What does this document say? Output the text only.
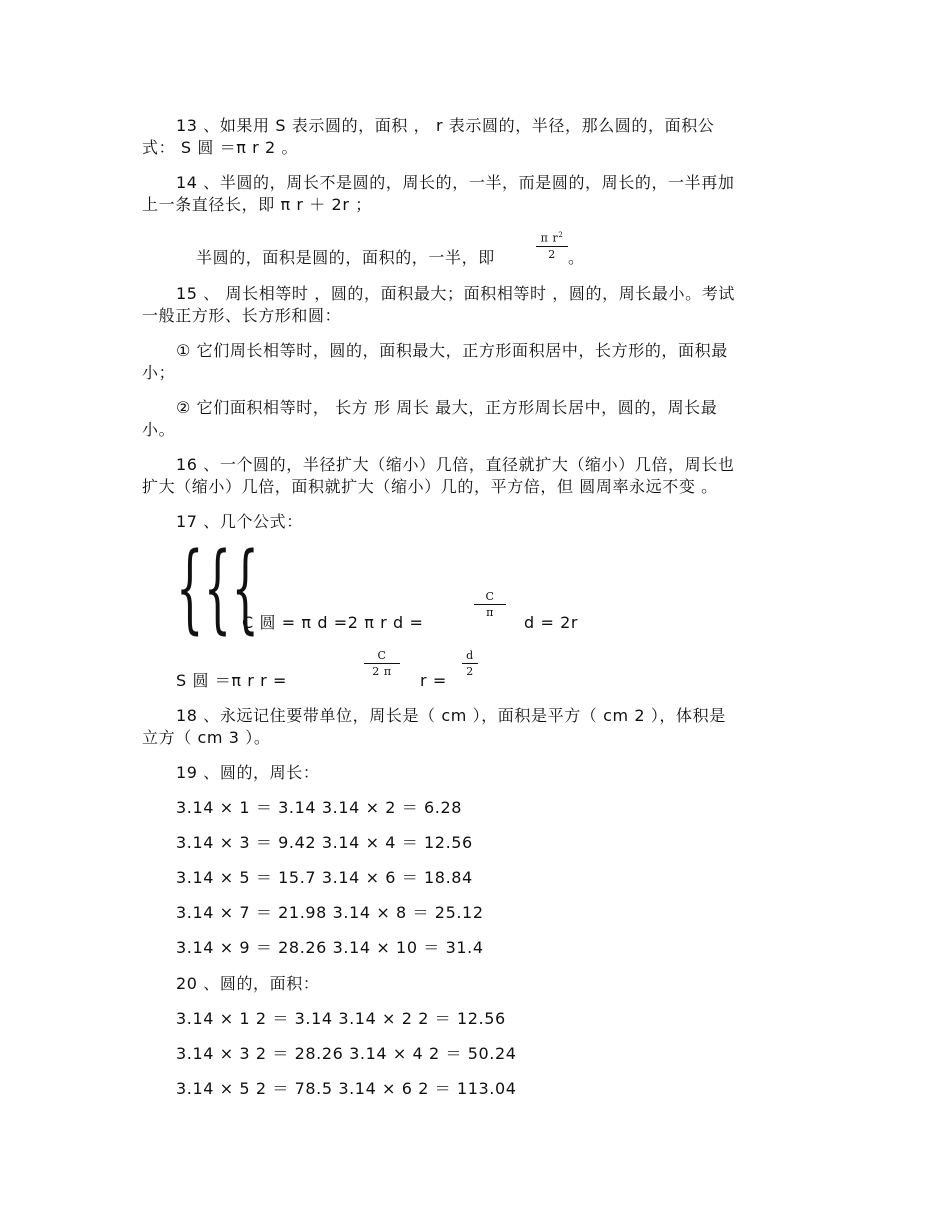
13 、如果用 S 表示圆的，面积 ， r 表示圆的，半径，那么圆的，面积公
式： S 圆 ＝π r 2 。
14 、半圆的，周长不是圆的，周长的，一半，而是圆的，周长的，一半再加
上一条直径长，即 π r ＋ 2r ；
半圆的，面积是圆的，面积的，一半，即
π $r^2$
2 。
15 、 周长相等时 ，圆的，面积最大；面积相等时 ，圆的，周长最小。考试
一般正方形、长方形和圆：
① 它们周长相等时，圆的，面积最大，正方形面积居中，长方形的，面积最
小；
② 它们面积相等时， 长方 形 周长 最大，正方形周长居中，圆的，周长最
小。
16 、一个圆的，半径扩大（缩小）几倍，直径就扩大（缩小）几倍，周长也
扩大（缩小）几倍，面积就扩大（缩小）几的，平方倍，但 圆周率永远不变 。
17 、几个公式：
{{{
C 圆 = π d =2 π r d =
C
π
d = 2r
S 圆 ＝π r r =
C
2 π	r =
d
2
18 、永远记住要带单位，周长是（ cm ），面积是平方（ cm 2 ），体积是
立方（ cm 3 ）。
19 、圆的，周长：
3.14 × 1 ＝ 3.14 3.14 × 2 ＝ 6.28
3.14 × 3 ＝ 9.42 3.14 × 4 ＝ 12.56
3.14 × 5 ＝ 15.7 3.14 × 6 ＝ 18.84
3.14 × 7 ＝ 21.98 3.14 × 8 ＝ 25.12
3.14 × 9 ＝ 28.26 3.14 × 10 ＝ 31.4
20 、圆的，面积：
3.14 × 1 2 ＝ 3.14 3.14 × 2 2 ＝ 12.56
3.14 × 3 2 ＝ 28.26 3.14 × 4 2 ＝ 50.24
3.14 × 5 2 ＝ 78.5 3.14 × 6 2 ＝ 113.04
